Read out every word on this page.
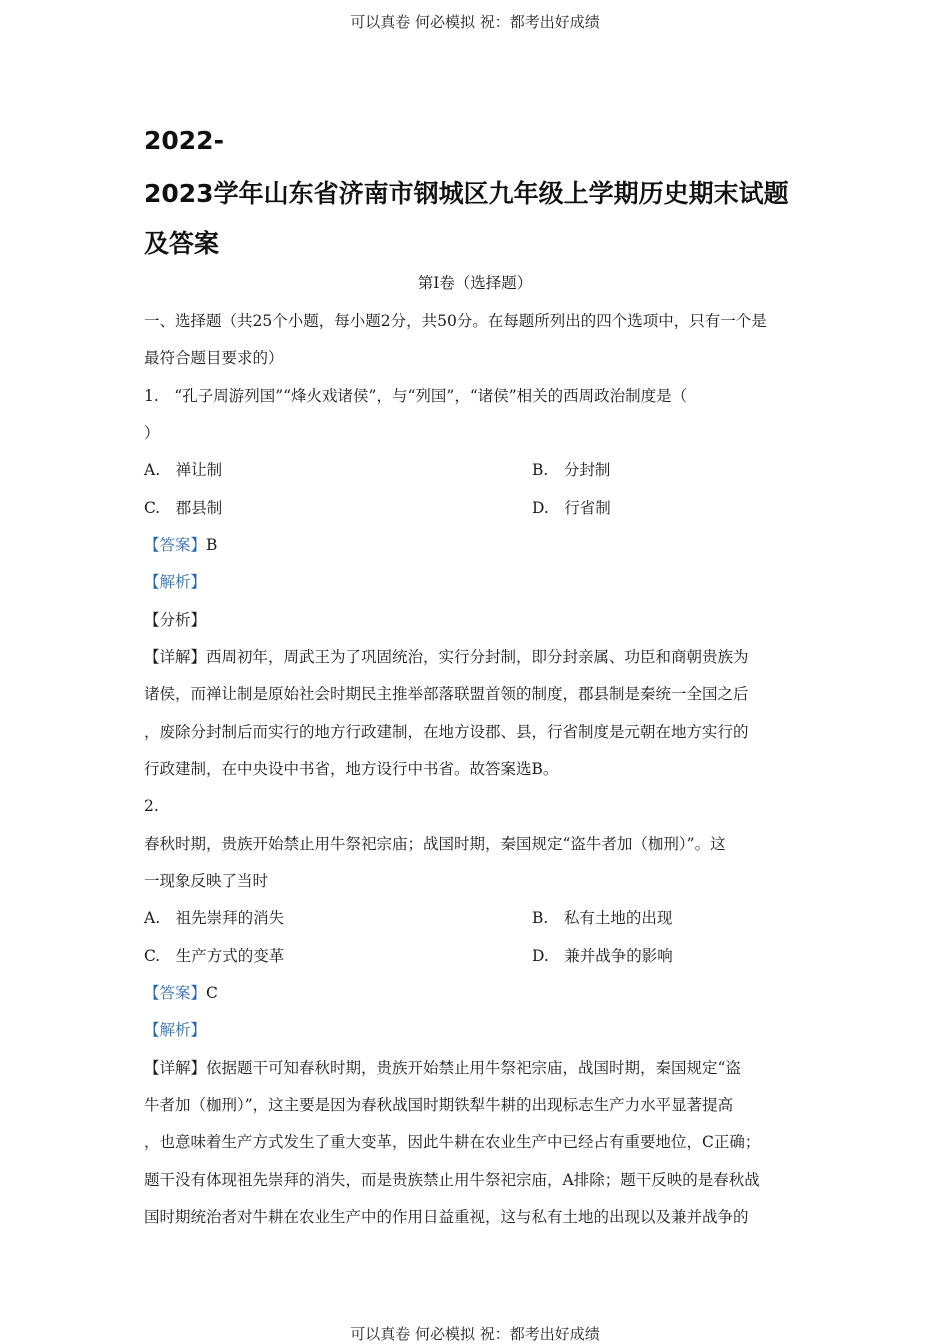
可以真卷 何必模拟 祝：都考出好成绩
2022-
2023学年山东省济南市钢城区九年级上学期历史期末试题
及答案
第I卷（选择题）
一、选择题（共25个小题，每小题2分，共50分。在每题所列出的四个选项中，只有一个是
最符合题目要求的）
1.　“孔子周游列国”“烽火戏诸侯”，与“列国”，“诸侯”相关的西周政治制度是（
）
A.　禅让制	B.　分封制
C.　郡县制	D.　行省制
【答案】B
【解析】
【分析】
【详解】西周初年，周武王为了巩固统治，实行分封制，即分封亲属、功臣和商朝贵族为
诸侯，而禅让制是原始社会时期民主推举部落联盟首领的制度，郡县制是秦统一全国之后
，废除分封制后而实行的地方行政建制，在地方设郡、县，行省制度是元朝在地方实行的
行政建制，在中央设中书省，地方设行中书省。故答案选B。
2.
春秋时期，贵族开始禁止用牛祭祀宗庙；战国时期，秦国规定“盗牛者加（枷刑）”。这
一现象反映了当时
A.　祖先崇拜的消失	B.　私有土地的出现
C.　生产方式的变革	D.　兼并战争的影响
【答案】C
【解析】
【详解】依据题干可知春秋时期，贵族开始禁止用牛祭祀宗庙，战国时期，秦国规定“盗
牛者加（枷刑）”，这主要是因为春秋战国时期铁犁牛耕的出现标志生产力水平显著提高
，也意味着生产方式发生了重大变革，因此牛耕在农业生产中已经占有重要地位，C正确；
题干没有体现祖先崇拜的消失，而是贵族禁止用牛祭祀宗庙，A排除；题干反映的是春秋战
国时期统治者对牛耕在农业生产中的作用日益重视，这与私有土地的出现以及兼并战争的
可以真卷 何必模拟 祝：都考出好成绩
